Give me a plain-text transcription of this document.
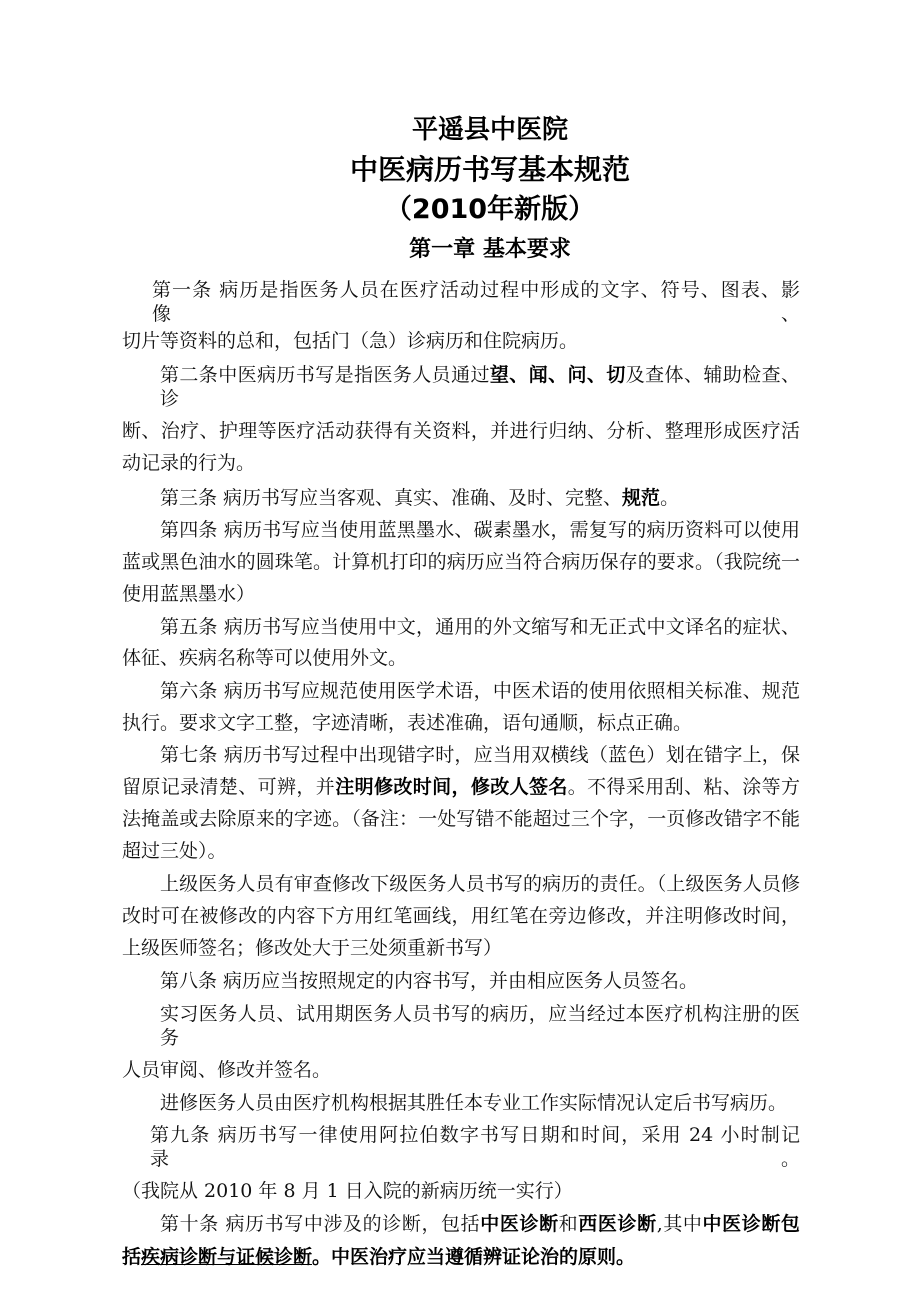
平遥县中医院
中医病历书写基本规范
（2010年新版）
第一章 基本要求
第一条 病历是指医务人员在医疗活动过程中形成的文字、符号、图表、影像、
切片等资料的总和，包括门（急）诊病历和住院病历。
第二条中医病历书写是指医务人员通过望、闻、问、切及查体、辅助检查、诊
断、治疗、护理等医疗活动获得有关资料，并进行归纳、分析、整理形成医疗活
动记录的行为。
第三条 病历书写应当客观、真实、准确、及时、完整、规范。
第四条 病历书写应当使用蓝黑墨水、碳素墨水，需复写的病历资料可以使用
蓝或黑色油水的圆珠笔。计算机打印的病历应当符合病历保存的要求。（我院统一
使用蓝黑墨水）
第五条 病历书写应当使用中文，通用的外文缩写和无正式中文译名的症状、
体征、疾病名称等可以使用外文。
第六条 病历书写应规范使用医学术语，中医术语的使用依照相关标准、规范
执行。要求文字工整，字迹清晰，表述准确，语句通顺，标点正确。
第七条 病历书写过程中出现错字时，应当用双横线（蓝色）划在错字上，保
留原记录清楚、可辨，并注明修改时间，修改人签名。不得采用刮、粘、涂等方
法掩盖或去除原来的字迹。（备注：一处写错不能超过三个字，一页修改错字不能
超过三处）。
上级医务人员有审查修改下级医务人员书写的病历的责任。（上级医务人员修
改时可在被修改的内容下方用红笔画线，用红笔在旁边修改，并注明修改时间，
上级医师签名；修改处大于三处须重新书写）
第八条 病历应当按照规定的内容书写，并由相应医务人员签名。
实习医务人员、试用期医务人员书写的病历，应当经过本医疗机构注册的医务
人员审阅、修改并签名。
进修医务人员由医疗机构根据其胜任本专业工作实际情况认定后书写病历。
第九条 病历书写一律使用阿拉伯数字书写日期和时间，采用 24 小时制记录。
（我院从 2010 年 8 月 1 日入院的新病历统一实行）
第十条 病历书写中涉及的诊断，包括中医诊断和西医诊断,其中中医诊断包
括疾病诊断与证候诊断。中医治疗应当遵循辨证论治的原则。
